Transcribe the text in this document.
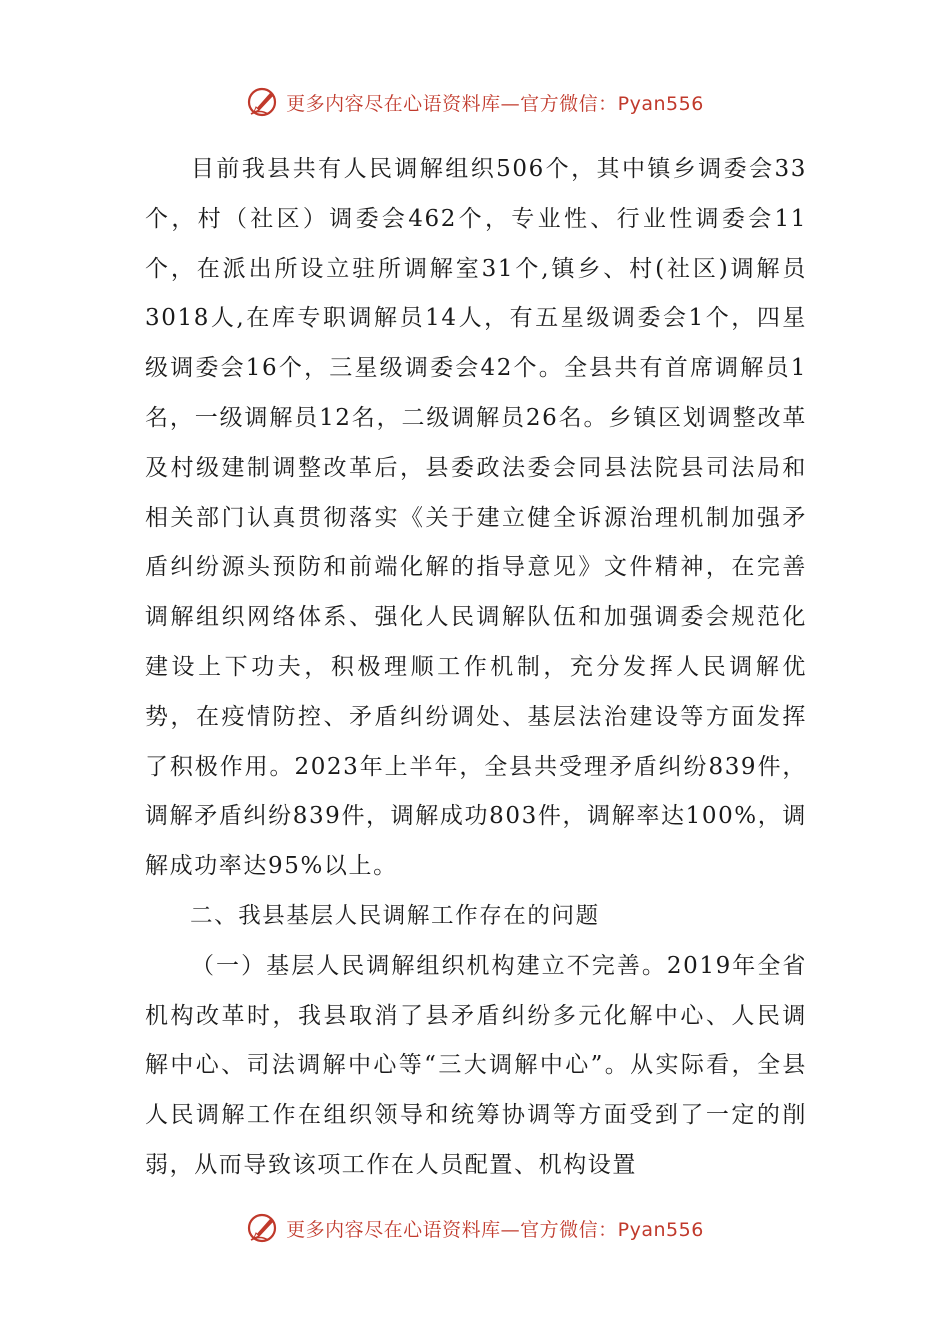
更多内容尽在心语资料库—官方微信：Pyan556

目前我县共有人民调解组织506个，其中镇乡调委会33个，村（社区）调委会462个，专业性、行业性调委会11个，在派出所设立驻所调解室31个,镇乡、村(社区)调解员3018人,在库专职调解员14人，有五星级调委会1个，四星级调委会16个，三星级调委会42个。全县共有首席调解员1名，一级调解员12名，二级调解员26名。乡镇区划调整改革及村级建制调整改革后，县委政法委会同县法院县司法局和相关部门认真贯彻落实《关于建立健全诉源治理机制加强矛盾纠纷源头预防和前端化解的指导意见》文件精神，在完善调解组织网络体系、强化人民调解队伍和加强调委会规范化建设上下功夫，积极理顺工作机制，充分发挥人民调解优势，在疫情防控、矛盾纠纷调处、基层法治建设等方面发挥了积极作用。2023年上半年，全县共受理矛盾纠纷839件，调解矛盾纠纷839件，调解成功803件，调解率达100%，调解成功率达95%以上。

二、我县基层人民调解工作存在的问题

（一）基层人民调解组织机构建立不完善。2019年全省机构改革时，我县取消了县矛盾纠纷多元化解中心、人民调解中心、司法调解中心等“三大调解中心”。从实际看，全县人民调解工作在组织领导和统筹协调等方面受到了一定的削弱，从而导致该项工作在人员配置、机构设置

更多内容尽在心语资料库—官方微信：Pyan556
